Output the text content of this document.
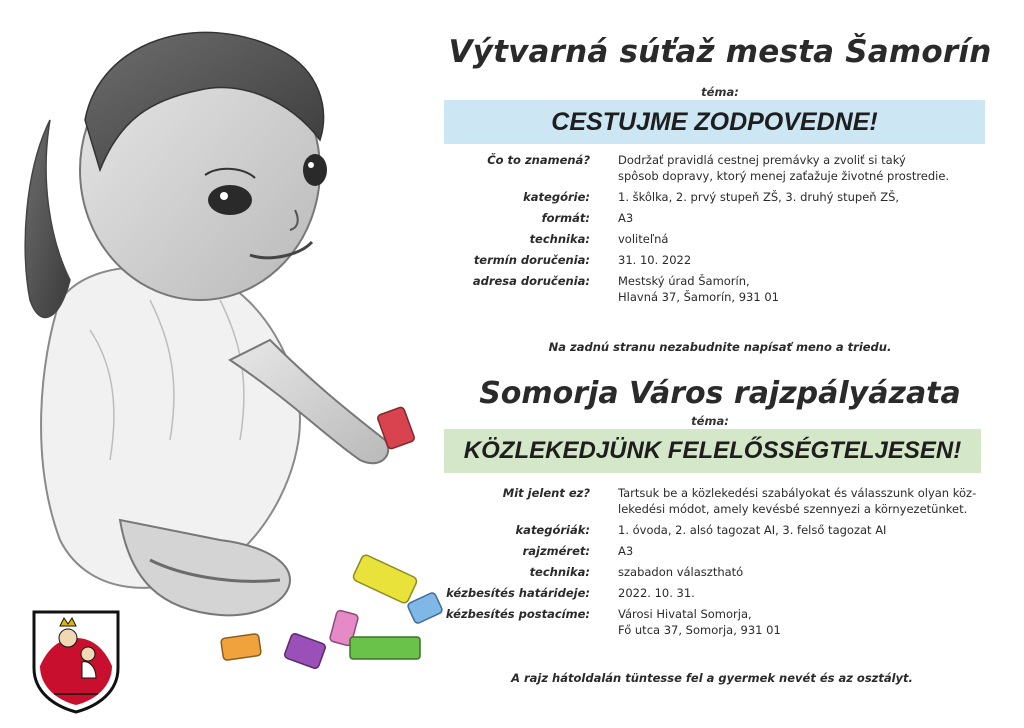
Výtvarná súťaž mesta Šamorín

téma:

CESTUJME ZODPOVEDNE!
Čo to znamená? Dodržať pravidlá cestnej premávky a zvoliť si taký
spôsob dopravy, ktorý menej zaťažuje životné prostredie.
kategórie: 1. škôlka, 2. prvý stupeň ZŠ, 3. druhý stupeň ZŠ,
formát: A3
technika: voliteľná
termín doručenia: 31. 10. 2022
adresa doručenia: Mestský úrad Šamorín,
Hlavná 37, Šamorín, 931 01

Na zadnú stranu nezabudnite napísať meno a triedu.

Somorja Város rajzpályázata

téma:

KÖZLEKEDJÜNK FELELŐSSÉGTELJESEN!
Mit jelent ez? Tartsuk be a közlekedési szabályokat és válasszunk olyan köz-
lekedési módot, amely kevésbé szennyezi a környezetünket.
kategóriák: 1. óvoda, 2. alsó tagozat AI, 3. felső tagozat AI
rajzméret: A3
technika: szabadon választható
kézbesítés határideje: 2022. 10. 31.
kézbesítés postacíme: Városi Hivatal Somorja,
Fő utca 37, Somorja, 931 01

A rajz hátoldalán tüntesse fel a gyermek nevét és az osztályt.
